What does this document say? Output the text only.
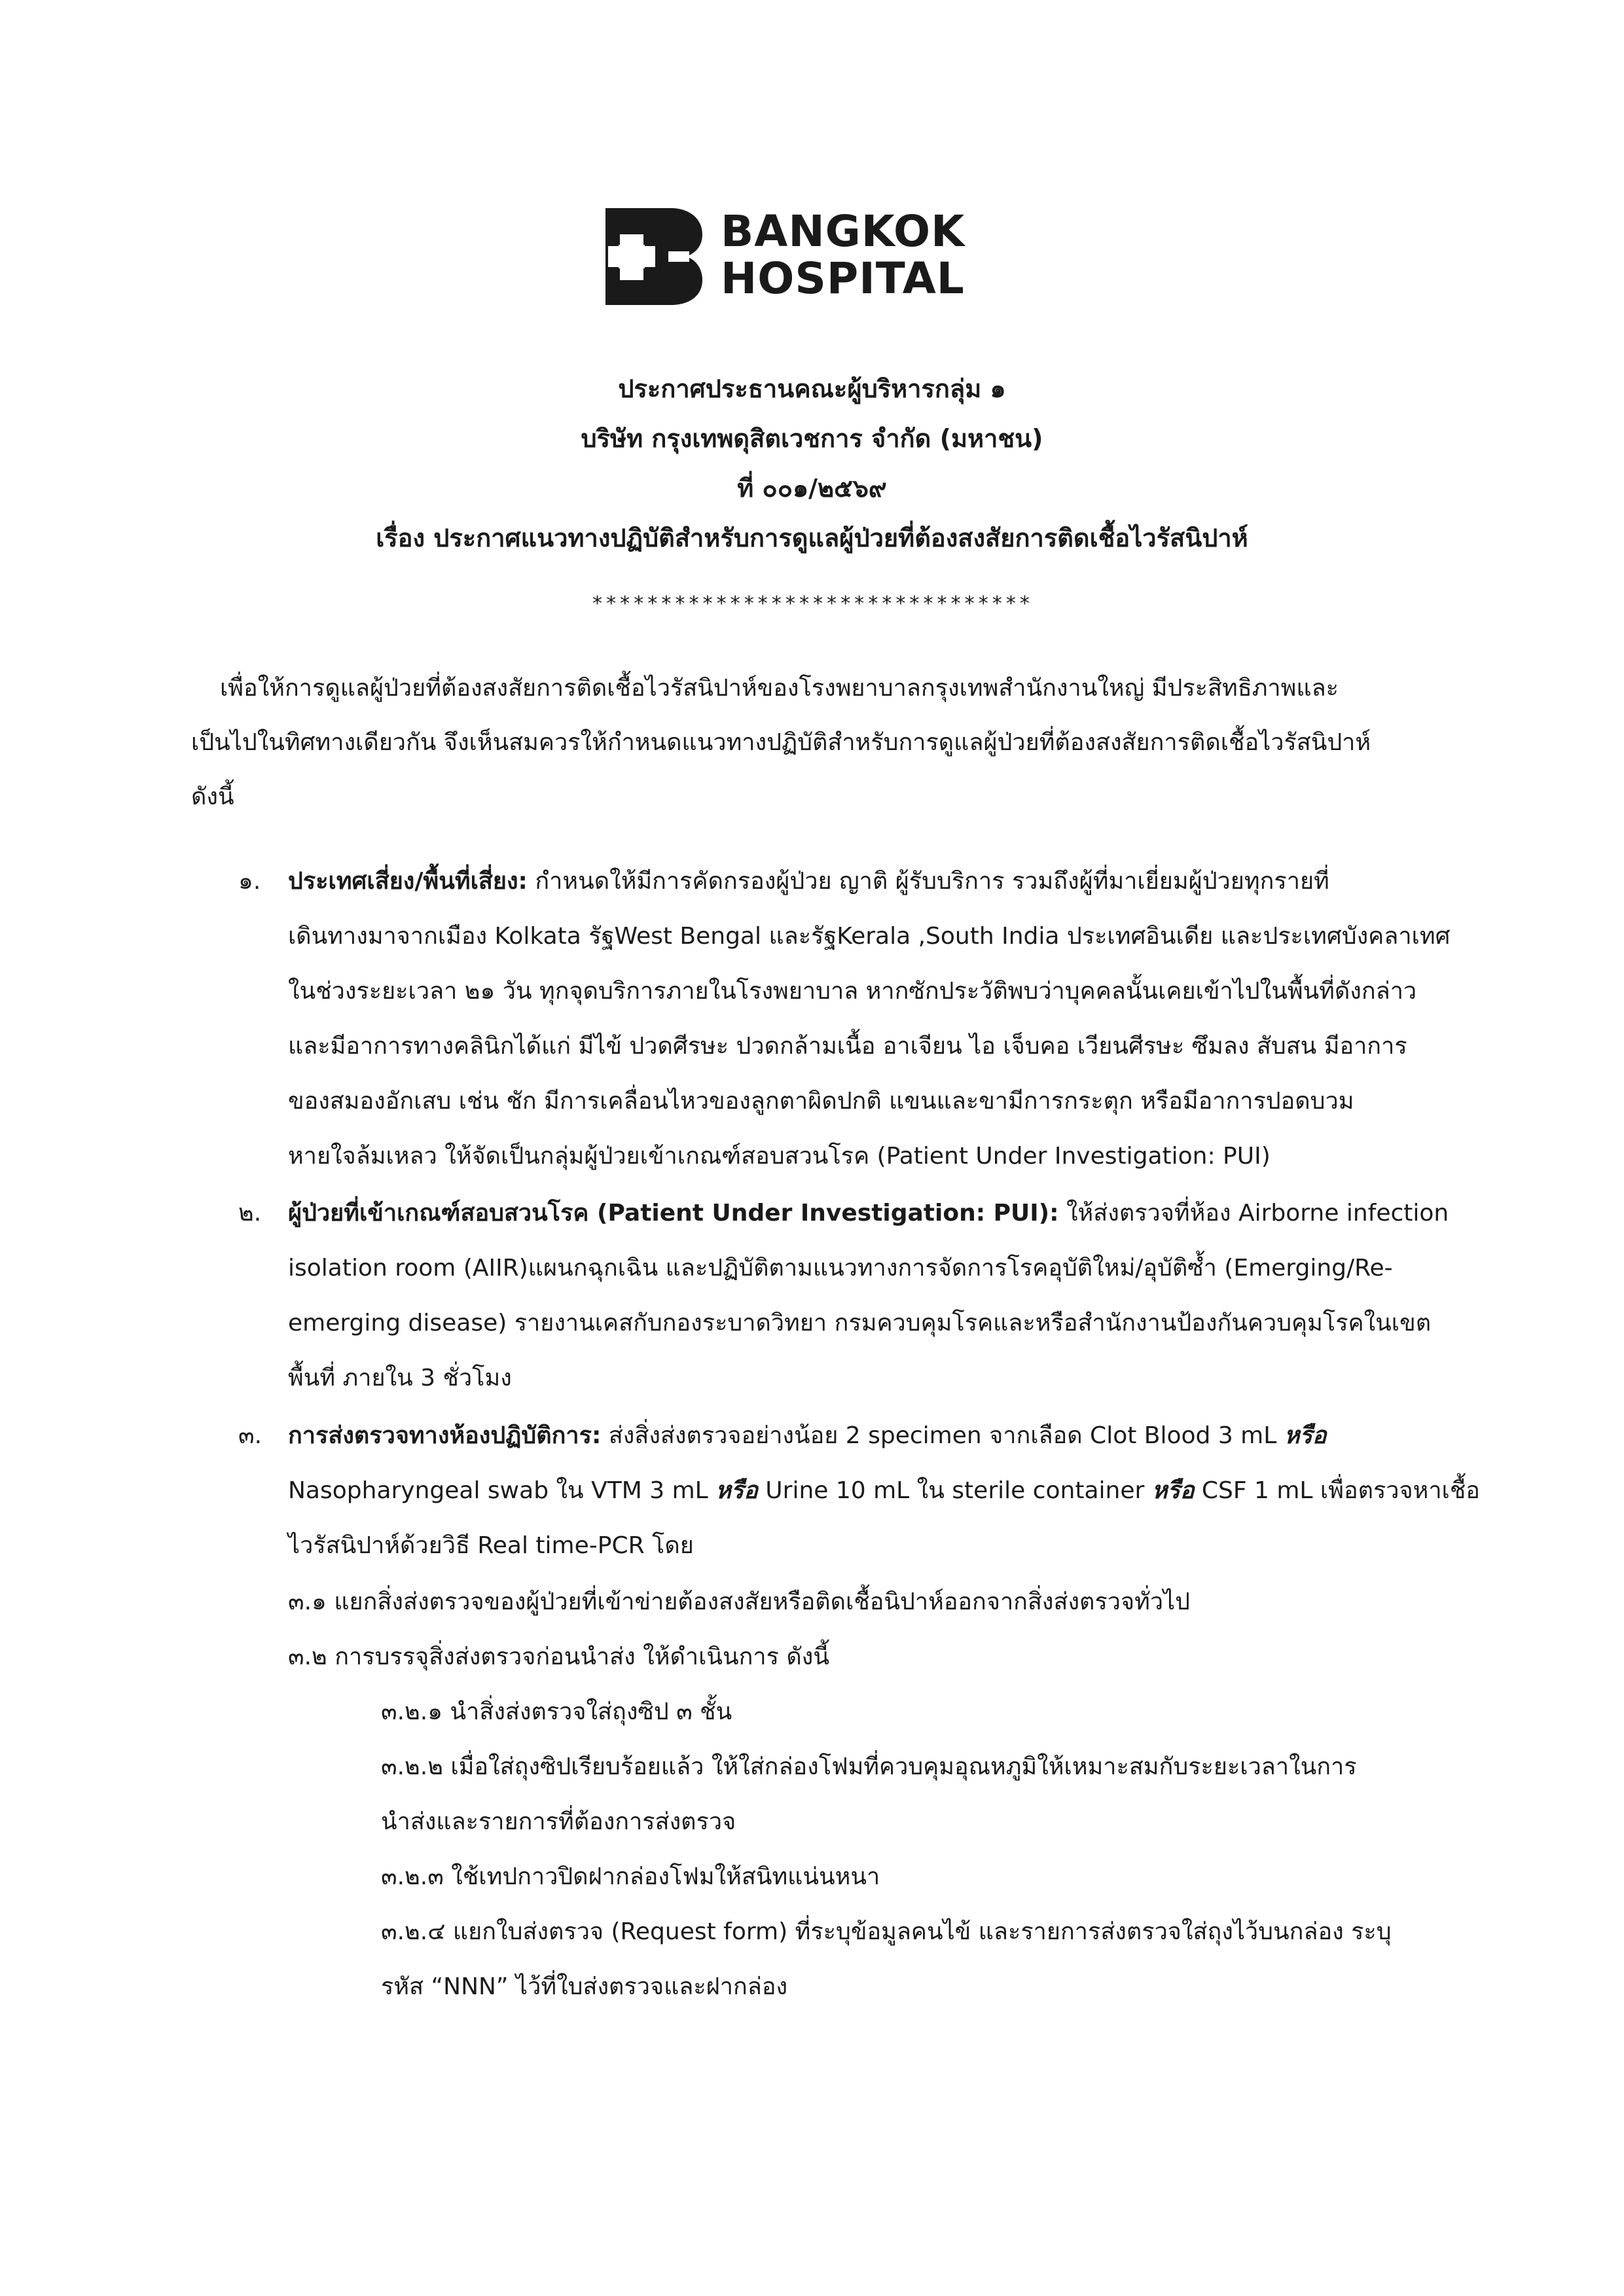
BANGKOK
HOSPITAL
ประกาศประธานคณะผู้บริหารกลุ่ม ๑
บริษัท กรุงเทพดุสิตเวชการ จำกัด (มหาชน)
ที่ ๐๐๑/๒๕๖๙
เรื่อง ประกาศแนวทางปฏิบัติสำหรับการดูแลผู้ป่วยที่ต้องสงสัยการติดเชื้อไวรัสนิปาห์
********************************
เพื่อให้การดูแลผู้ป่วยที่ต้องสงสัยการติดเชื้อไวรัสนิปาห์ของโรงพยาบาลกรุงเทพสำนักงานใหญ่ มีประสิทธิภาพและ
เป็นไปในทิศทางเดียวกัน จึงเห็นสมควรให้กำหนดแนวทางปฏิบัติสำหรับการดูแลผู้ป่วยที่ต้องสงสัยการติดเชื้อไวรัสนิปาห์
ดังนี้
๑. ประเทศเสี่ยง/พื้นที่เสี่ยง: กำหนดให้มีการคัดกรองผู้ป่วย ญาติ ผู้รับบริการ รวมถึงผู้ที่มาเยี่ยมผู้ป่วยทุกรายที่
เดินทางมาจากเมือง Kolkata รัฐWest Bengal และรัฐKerala ,South India ประเทศอินเดีย และประเทศบังคลาเทศ
ในช่วงระยะเวลา ๒๑ วัน ทุกจุดบริการภายในโรงพยาบาล หากซักประวัติพบว่าบุคคลนั้นเคยเข้าไปในพื้นที่ดังกล่าว
และมีอาการทางคลินิกได้แก่ มีไข้ ปวดศีรษะ ปวดกล้ามเนื้อ อาเจียน ไอ เจ็บคอ เวียนศีรษะ ซึมลง สับสน มีอาการ
ของสมองอักเสบ เช่น ชัก มีการเคลื่อนไหวของลูกตาผิดปกติ แขนและขามีการกระตุก หรือมีอาการปอดบวม
หายใจล้มเหลว ให้จัดเป็นกลุ่มผู้ป่วยเข้าเกณฑ์สอบสวนโรค (Patient Under Investigation: PUI)
๒. ผู้ป่วยที่เข้าเกณฑ์สอบสวนโรค (Patient Under Investigation: PUI): ให้ส่งตรวจที่ห้อง Airborne infection
isolation room (AIIR)แผนกฉุกเฉิน และปฏิบัติตามแนวทางการจัดการโรคอุบัติใหม่/อุบัติซ้ำ (Emerging/Re-
emerging disease) รายงานเคสกับกองระบาดวิทยา กรมควบคุมโรคและหรือสำนักงานป้องกันควบคุมโรคในเขต
พื้นที่ ภายใน 3 ชั่วโมง
๓. การส่งตรวจทางห้องปฏิบัติการ: ส่งสิ่งส่งตรวจอย่างน้อย 2 specimen จากเลือด Clot Blood 3 mL หรือ
Nasopharyngeal swab ใน VTM 3 mL หรือ Urine 10 mL ใน sterile container หรือ CSF 1 mL เพื่อตรวจหาเชื้อ
ไวรัสนิปาห์ด้วยวิธี Real time-PCR โดย
๓.๑ แยกสิ่งส่งตรวจของผู้ป่วยที่เข้าข่ายต้องสงสัยหรือติดเชื้อนิปาห์ออกจากสิ่งส่งตรวจทั่วไป
๓.๒ การบรรจุสิ่งส่งตรวจก่อนนำส่ง ให้ดำเนินการ ดังนี้
๓.๒.๑ นำสิ่งส่งตรวจใส่ถุงซิป ๓ ชั้น
๓.๒.๒ เมื่อใส่ถุงซิปเรียบร้อยแล้ว ให้ใส่กล่องโฟมที่ควบคุมอุณหภูมิให้เหมาะสมกับระยะเวลาในการ
นำส่งและรายการที่ต้องการส่งตรวจ
๓.๒.๓ ใช้เทปกาวปิดฝากล่องโฟมให้สนิทแน่นหนา
๓.๒.๔ แยกใบส่งตรวจ (Request form) ที่ระบุข้อมูลคนไข้ และรายการส่งตรวจใส่ถุงไว้บนกล่อง ระบุ
รหัส “NNN” ไว้ที่ใบส่งตรวจและฝากล่อง
